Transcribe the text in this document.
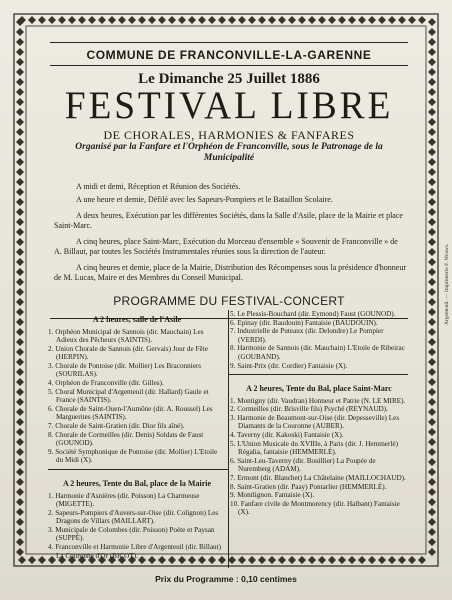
COMMUNE DE FRANCONVILLE-LA-GARENNE
Le Dimanche 25 Juillet 1886
FESTIVAL LIBRE
DE CHORALES, HARMONIES & FANFARES
Organisé par la Fanfare et l'Orphéon de Franconville, sous le Patronage de la Municipalité

A midi et demi, Réception et Réunion des Sociétés.

A une heure et demie, Défilé avec les Sapeurs-Pompiers et le Bataillon Scolaire.

A deux heures, Exécution par les différentes Sociétés, dans la Salle d'Asile, place de la Mairie et place Saint-Marc.

A cinq heures, place Saint-Marc, Exécution du Morceau d'ensemble « Souvenir de Franconville » de A. Billaut, par toutes les Sociétés Instrumentales réunies sous la direction de l'auteur.

A cinq heures et demie, place de la Mairie, Distribution des Récompenses sous la présidence d'honneur de M. Lucas, Maire et des Membres du Conseil Municipal.

PROGRAMME DU FESTIVAL-CONCERT
A 2 heures, salle de l'Asile

1. Orphéon Municipal de Sannois (dir. Mauchain) Les Adieux des Pêcheurs (SAINTIS).

2. Union Chorale de Sannois (dir. Gervais) Jour de Fête (HERPIN).

3. Chorale de Pontoise (dir. Mollier) Les Braconniers (SOURILAS).

4. Orphéon de Franconville (dir. Gilles).

5. Choral Municipal d'Argenteuil (dir. Hallard) Gaule et France (SAINTIS).

6. Chorale de Saint-Ouen-l'Aumône (dir. A. Roussel) Les Marguerites (SAINTIS).

7. Chorale de Saint-Gratien (dir. Dior fils aîné).

8. Chorale de Cormeilles (dir. Denis) Soldats de Faust (GOUNOD).

9. Société Symphonique de Pontoise (dir. Mollier) L'Etoile du Midi (X).

A 2 heures, Tente du Bal, place de la Mairie

1. Harmonie d'Asnières (dir. Poisson) La Charmeuse (MIGETTE).

2. Sapeurs-Pompiers d'Auvers-sur-Oise (dir. Colignon) Les Dragons de Villars (MAILLART).

3. Municipale de Colombes (dir. Poisson) Poète et Paysan (SUPPÉ).

4. Franconville et Harmonie Libre d'Argenteuil (dir. Billaut) La Couronne d'Or (BICOT).

5. Le Plessis-Bouchard (dir. Eymond) Faust (GOUNOD).

6. Epinay (dir. Baudouin) Fantaisie (BAUDOUIN).

7. Industrielle de Puteaux (dir. Delondre) Le Pompier (VERDI).

8. Harmonie de Sannois (dir. Mauchain) L'Etoile de Ribeirac (GOUBAND).

9. Saint-Prix (dir. Cordier) Fantaisie (X).

A 2 heures, Tente du Bal, place Saint-Marc

1. Montigny (dir. Vaudran) Honneur et Patrie (N. LE MIRE).

2. Cormeilles (dir. Brisville fils) Psyché (REYNAUD).

3. Harmonie de Beaumont-sur-Oise (dir. Depesseville) Les Diamants de la Couronne (AUBER).

4. Taverny (dir. Kakoski) Fantaisie (X).

5. L'Union Musicale du XVIIIe, à Paris (dir. J. Hemmerlé) Régalia, fantaisie (HEMMERLÉ).

6. Saint-Leu-Taverny (dir. Bouillier) La Poupée de Nuremberg (ADAM).

7. Ermont (dir. Blanchet) La Châtelaine (MAILLOCHAUD).

8. Saint-Gratien (dir. Paay) Pontarlier (HEMMERLÉ).

9. Montlignon. Fantaisie (X).

10. Fanfare civile de Montmorency (dir. Halbant) Fantaisie (X).

Prix du Programme : 0,10 centimes
Argenteuil. — Imprimerie F. Weaws.
